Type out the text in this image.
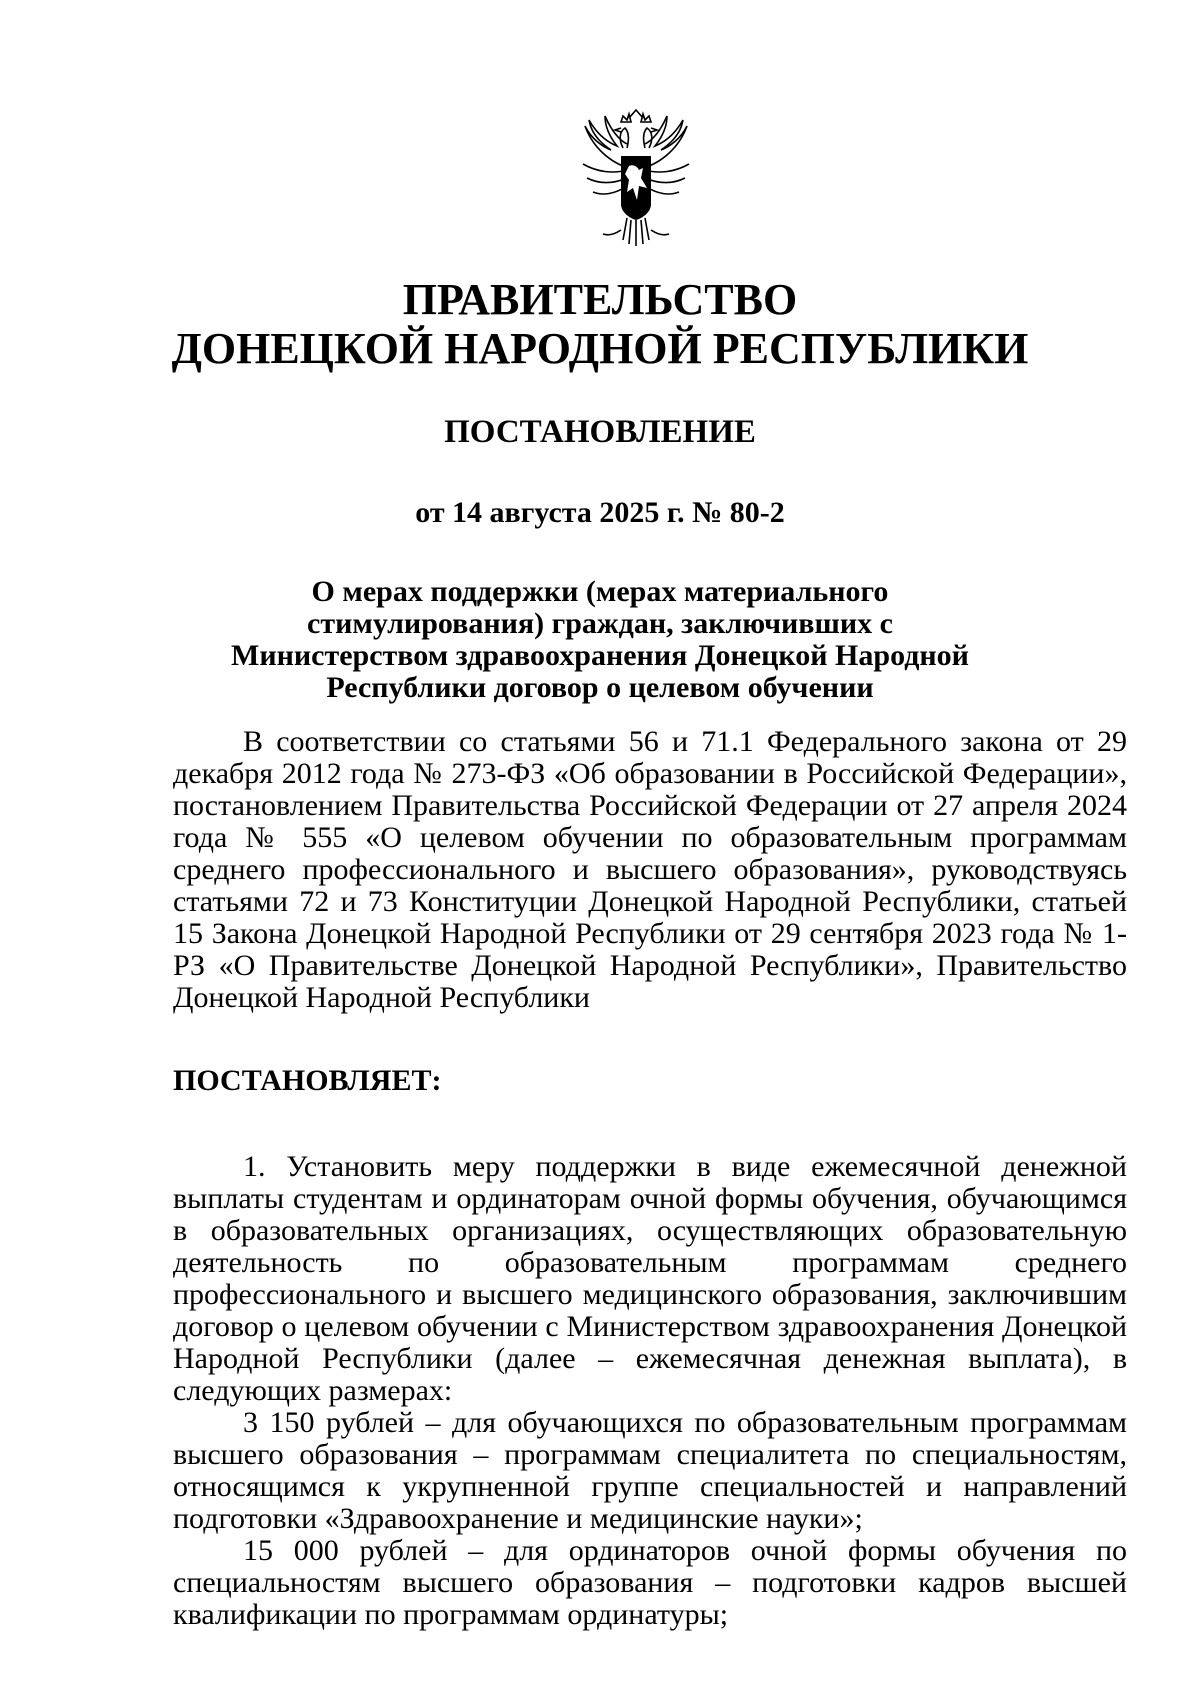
ПРАВИТЕЛЬСТВО
ДОНЕЦКОЙ НАРОДНОЙ РЕСПУБЛИКИ
ПОСТАНОВЛЕНИЕ
от 14 августа 2025 г. № 80-2
О мерах поддержки (мерах материального стимулирования) граждан, заключивших с Министерством здравоохранения Донецкой Народной Республики договор о целевом обучении

В соответствии со статьями 56 и 71.1 Федерального закона от 29 декабря 2012 года № 273-ФЗ «Об образовании в Российской Федерации», постановлением Правительства Российской Федерации от 27 апреля 2024 года № 555 «О целевом обучении по образовательным программам среднего профессионального и высшего образования», руководствуясь статьями 72 и 73 Конституции Донецкой Народной Республики, статьей 15 Закона Донецкой Народной Республики от 29 сентября 2023 года № 1-РЗ «О Правительстве Донецкой Народной Республики», Правительство Донецкой Народной Республики

ПОСТАНОВЛЯЕТ:

1. Установить меру поддержки в виде ежемесячной денежной выплаты студентам и ординаторам очной формы обучения, обучающимся в образовательных организациях, осуществляющих образовательную деятельность по образовательным программам среднего профессионального и высшего медицинского образования, заключившим договор о целевом обучении с Министерством здравоохранения Донецкой Народной Республики (далее – ежемесячная денежная выплата), в следующих размерах:

3 150 рублей – для обучающихся по образовательным программам высшего образования – программам специалитета по специальностям, относящимся к укрупненной группе специальностей и направлений подготовки «Здравоохранение и медицинские науки»;

15 000 рублей – для ординаторов очной формы обучения по специальностям высшего образования – подготовки кадров высшей квалификации по программам ординатуры;
